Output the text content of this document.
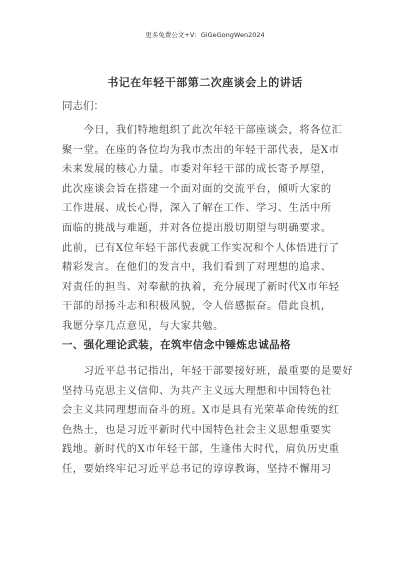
更多免费公文+V：GiGeGongWen2024
书记在年轻干部第二次座谈会上的讲话
同志们：
　　今日，我们特地组织了此次年轻干部座谈会，将各位汇
聚一堂。在座的各位均为我市杰出的年轻干部代表，是X市
未来发展的核心力量。市委对年轻干部的成长寄予厚望，
此次座谈会旨在搭建一个面对面的交流平台，倾听大家的
工作进展、成长心得，深入了解在工作、学习、生活中所
面临的挑战与难题，并对各位提出殷切期望与明确要求。
此前，已有X位年轻干部代表就工作实况和个人体悟进行了
精彩发言。在他们的发言中，我们看到了对理想的追求、
对责任的担当、对奉献的执着，充分展现了新时代X市年轻
干部的昂扬斗志和积极风貌，令人倍感振奋。借此良机，
我愿分享几点意见，与大家共勉。
一、强化理论武装，在筑牢信念中锤炼忠诚品格
　　习近平总书记指出，年轻干部要接好班，最重要的是要好
坚持马克思主义信仰、为共产主义远大理想和中国特色社
会主义共同理想而奋斗的班。X市是具有光荣革命传统的红
色热土，也是习近平新时代中国特色社会主义思想重要实
践地。新时代的X市年轻干部，生逢伟大时代，肩负历史重
任，要始终牢记习近平总书记的谆谆教诲，坚持不懈用习
